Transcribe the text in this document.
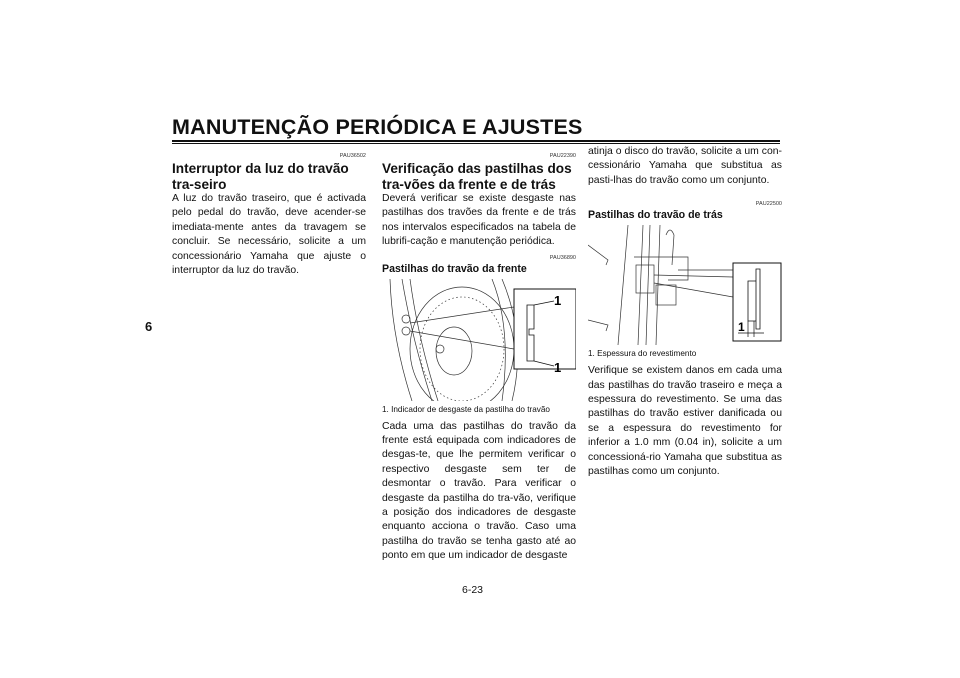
MANUTENÇÃO PERIÓDICA E AJUSTES
6
PAU36502
Interruptor da luz do travão tra-seiro
A luz do travão traseiro, que é activada pelo pedal do travão, deve acender-se imediata-mente antes da travagem se concluir. Se necessário, solicite a um concessionário Yamaha que ajuste o interruptor da luz do travão.
PAU22390
Verificação das pastilhas dos tra-vões da frente e de trás
Deverá verificar se existe desgaste nas pastilhas dos travões da frente e de trás nos intervalos especificados na tabela de lubrifi-cação e manutenção periódica.
PAU36890
Pastilhas do travão da frente
1
1
1. Indicador de desgaste da pastilha do travão
Cada uma das pastilhas do travão da frente está equipada com indicadores de desgas-te, que lhe permitem verificar o respectivo desgaste sem ter de desmontar o travão. Para verificar o desgaste da pastilha do tra-vão, verifique a posição dos indicadores de desgaste enquanto acciona o travão. Caso uma pastilha do travão se tenha gasto até ao ponto em que um indicador de desgaste
atinja o disco do travão, solicite a um con-cessionário Yamaha que substitua as pasti-lhas do travão como um conjunto.
PAU22500
Pastilhas do travão de trás
1
1. Espessura do revestimento
Verifique se existem danos em cada uma das pastilhas do travão traseiro e meça a espessura do revestimento. Se uma das pastilhas do travão estiver danificada ou se a espessura do revestimento for inferior a 1.0 mm (0.04 in), solicite a um concessioná-rio Yamaha que substitua as pastilhas como um conjunto.
6-23
